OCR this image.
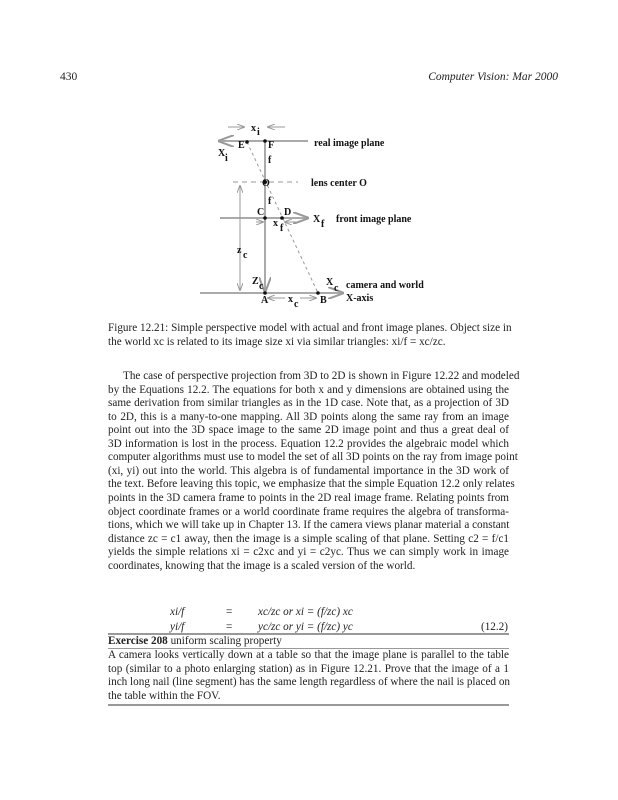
430	Computer Vision: Mar 2000
x i
X i
E F
f
O
f
C D
x f
X f front image plane
real image plane
lens center O
z c
Z c	X
c camera and world
X-axis
A	B
x c
Figure 12.21: Simple perspective model with actual and front image planes. Object size in
the world xc is related to its image size xi via similar triangles: xi/f = xc/zc.
The case of perspective projection from 3D to 2D is shown in Figure 12.22 and modeled
by the Equations 12.2. The equations for both x and y dimensions are obtained using the
same derivation from similar triangles as in the 1D case. Note that, as a projection of 3D
to 2D, this is a many-to-one mapping. All 3D points along the same ray from an image
point out into the 3D space image to the same 2D image point and thus a great deal of
3D information is lost in the process. Equation 12.2 provides the algebraic model which
computer algorithms must use to model the set of all 3D points on the ray from image point
(xi, yi) out into the world. This algebra is of fundamental importance in the 3D work of
the text. Before leaving this topic, we emphasize that the simple Equation 12.2 only relates
points in the 3D camera frame to points in the 2D real image frame. Relating points from
object coordinate frames or a world coordinate frame requires the algebra of transforma-
tions, which we will take up in Chapter 13. If the camera views planar material a constant
distance zc = c1 away, then the image is a simple scaling of that plane. Setting c2 = f/c1
yields the simple relations xi = c2xc and yi = c2yc. Thus we can simply work in image
coordinates, knowing that the image is a scaled version of the world.
xi/f	= xc/zc or xi = (f/zc) xc
yi/f	= yc/zc or yi = (f/zc) yc	(12.2)
Exercise 208 uniform scaling property
A camera looks vertically down at a table so that the image plane is parallel to the table
top (similar to a photo enlarging station) as in Figure 12.21. Prove that the image of a 1
inch long nail (line segment) has the same length regardless of where the nail is placed on
the table within the FOV.
